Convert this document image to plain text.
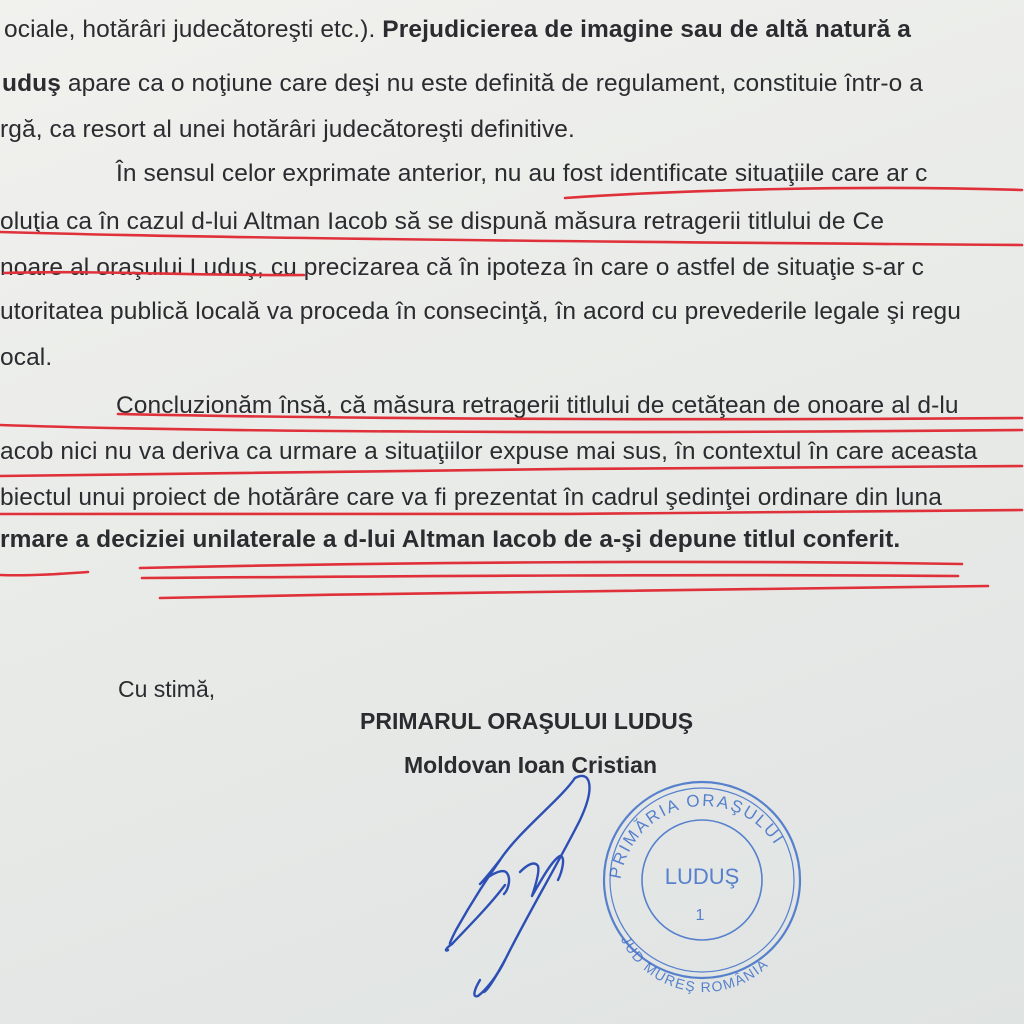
ociale, hotărâri judecătoreşti etc.). Prejudicierea de imagine sau de altă natură a
uduş apare ca o noţiune care deşi nu este definită de regulament, constituie într-o a
rgă, ca resort al unei hotărâri judecătoreşti definitive.
În sensul celor exprimate anterior, nu au fost identificate situaţiile care ar c
oluţia ca în cazul d-lui Altman Iacob să se dispună măsura retragerii titlului de Ce
noare al oraşului Luduş, cu precizarea că în ipoteza în care o astfel de situaţie s-ar c
utoritatea publică locală va proceda în consecinţă, în acord cu prevederile legale şi regu
ocal.
Concluzionăm însă, că măsura retragerii titlului de cetăţean de onoare al d-lu
acob nici nu va deriva ca urmare a situaţiilor expuse mai sus, în contextul în care aceasta
biectul unui proiect de hotărâre care va fi prezentat în cadrul şedinţei ordinare din luna
rmare a deciziei unilaterale a d-lui Altman Iacob de a-şi depune titlul conferit.
Cu stimă,
PRIMARUL ORAŞULUI LUDUŞ
Moldovan Ioan Cristian
PRIMĂRIA ORAŞULUI
JUD MUREŞ ROMÂNIA
LUDUŞ
1
